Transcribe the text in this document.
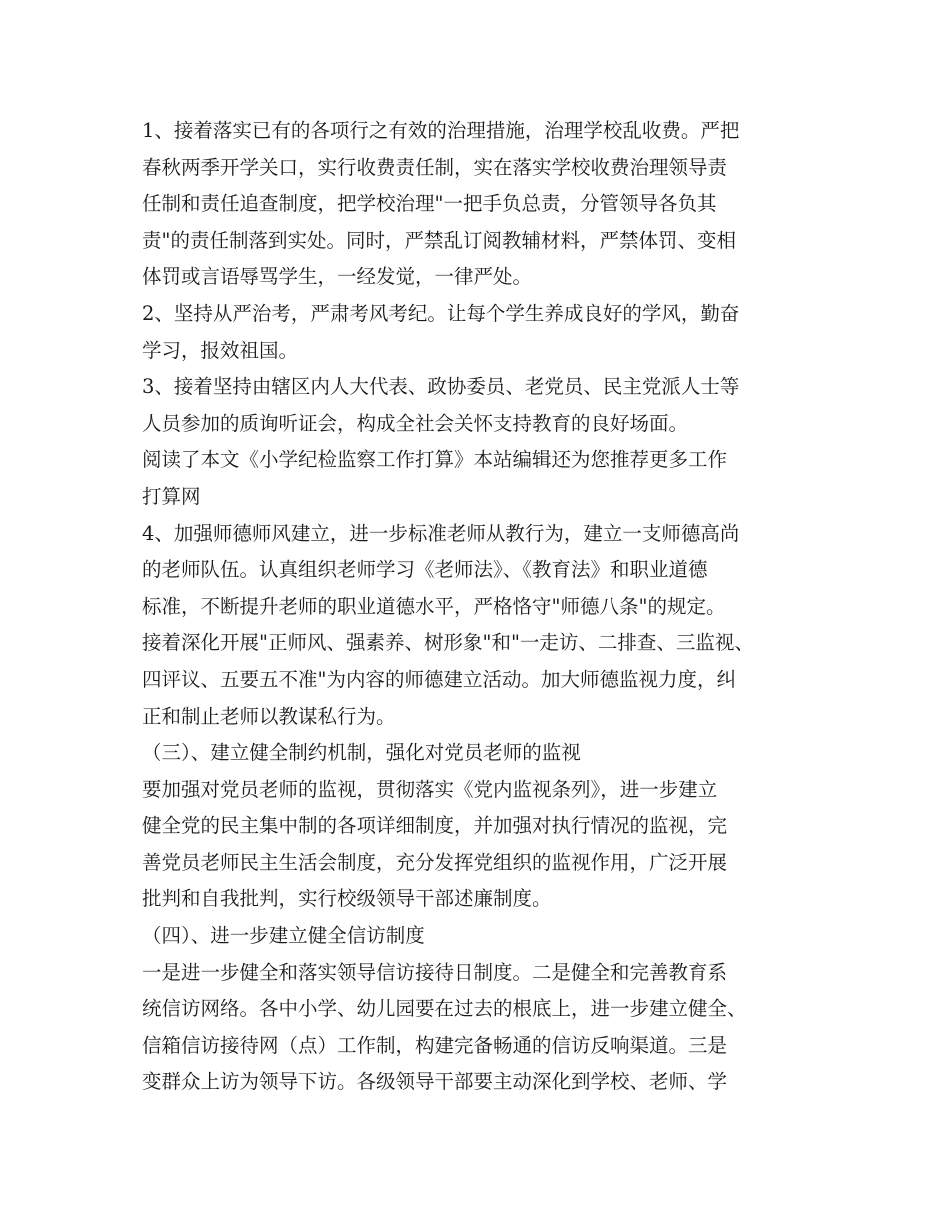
1、接着落实已有的各项行之有效的治理措施，治理学校乱收费。严把
春秋两季开学关口，实行收费责任制，实在落实学校收费治理领导责
任制和责任追查制度，把学校治理"一把手负总责，分管领导各负其
责"的责任制落到实处。同时，严禁乱订阅教辅材料，严禁体罚、变相
体罚或言语辱骂学生，一经发觉，一律严处。
2、坚持从严治考，严肃考风考纪。让每个学生养成良好的学风，勤奋
学习，报效祖国。
3、接着坚持由辖区内人大代表、政协委员、老党员、民主党派人士等
人员参加的质询听证会，构成全社会关怀支持教育的良好场面。
阅读了本文《小学纪检监察工作打算》本站编辑还为您推荐更多工作
打算网
4、加强师德师风建立，进一步标准老师从教行为，建立一支师德高尚
的老师队伍。认真组织老师学习《老师法》、《教育法》和职业道德
标准，不断提升老师的职业道德水平，严格恪守"师德八条"的规定。
接着深化开展"正师风、强素养、树形象"和"一走访、二排查、三监视、
四评议、五要五不准"为内容的师德建立活动。加大师德监视力度，纠
正和制止老师以教谋私行为。
（三）、建立健全制约机制，强化对党员老师的监视
要加强对党员老师的监视，贯彻落实《党内监视条列》，进一步建立
健全党的民主集中制的各项详细制度，并加强对执行情况的监视，完
善党员老师民主生活会制度，充分发挥党组织的监视作用，广泛开展
批判和自我批判，实行校级领导干部述廉制度。
（四）、进一步建立健全信访制度
一是进一步健全和落实领导信访接待日制度。二是健全和完善教育系
统信访网络。各中小学、幼儿园要在过去的根底上，进一步建立健全、
信箱信访接待网（点）工作制，构建完备畅通的信访反响渠道。三是
变群众上访为领导下访。各级领导干部要主动深化到学校、老师、学
